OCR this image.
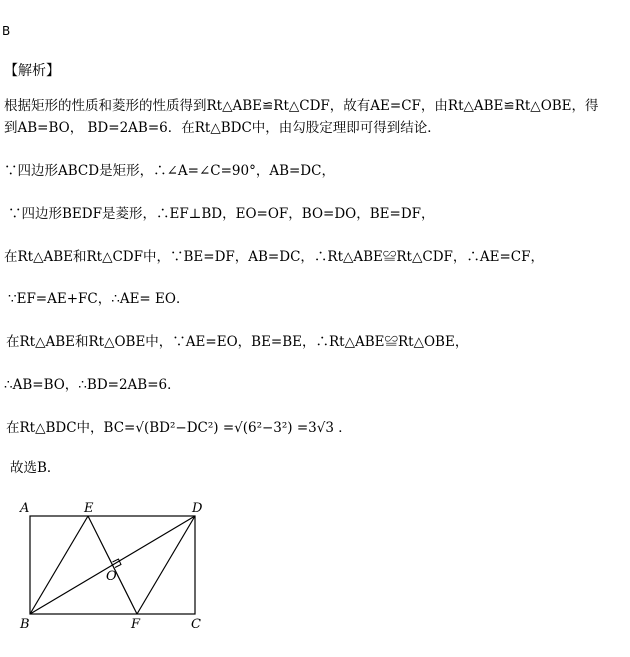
B
【解析】
根据矩形的性质和菱形的性质得到Rt△ABE≌Rt△CDF，故有AE=CF，由Rt△ABE≌Rt△OBE，得
到AB=BO， BD=2AB=6．在Rt△BDC中，由勾股定理即可得到结论．
∵四边形ABCD是矩形，∴∠A=∠C=90°，AB=DC，
∵四边形BEDF是菱形，∴EF⊥BD，EO=OF，BO=DO，BE=DF，
在Rt△ABE和Rt△CDF中，∵BE=DF，AB=DC，∴Rt△ABE≌Rt△CDF，∴AE=CF，
∵EF=AE+FC，∴AE= EO．
在Rt△ABE和Rt△OBE中，∵AE=EO，BE=BE，∴Rt△ABE≌Rt△OBE，
∴AB=BO，∴BD=2AB=6．
在Rt△BDC中，BC=√(BD²−DC²) =√(6²−3²) =3√3 ．
故选B．
A	E	D
O
B	F	C
